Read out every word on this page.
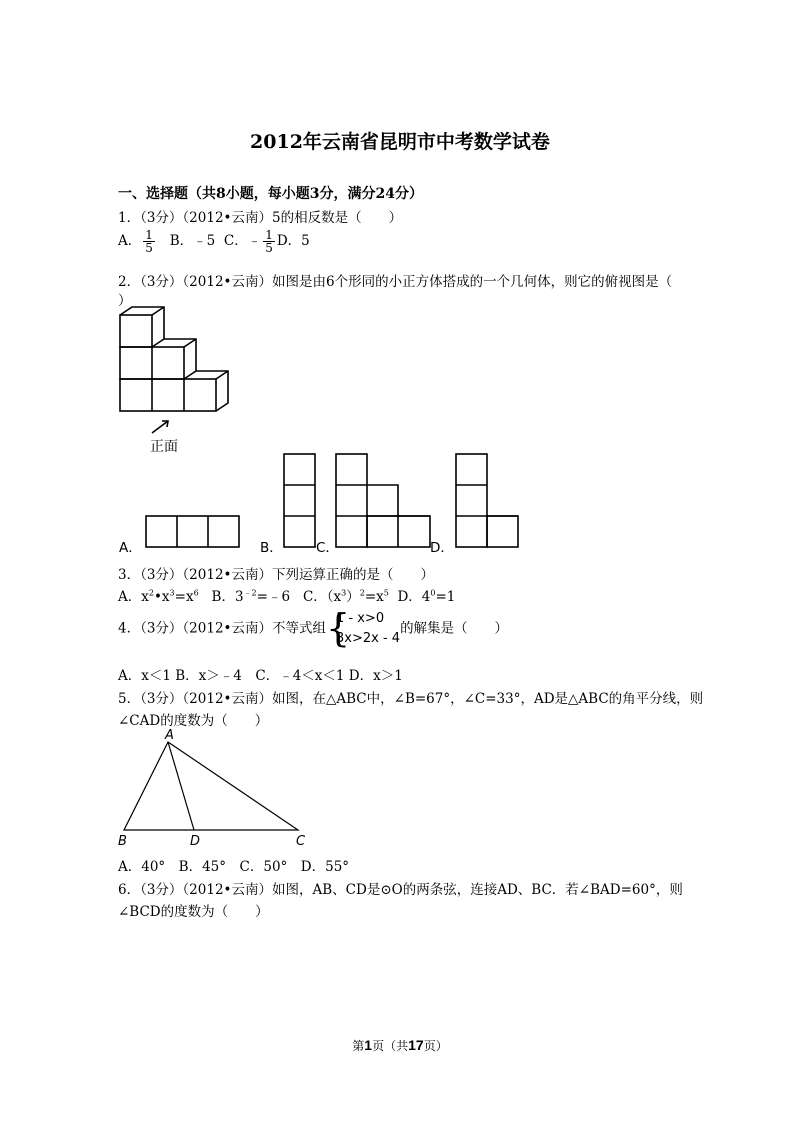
2012年云南省昆明市中考数学试卷
一、选择题（共8小题，每小题3分，满分24分）
1．（3分）（2012•云南）5的相反数是（　　）
A． $\frac{1}{5}$ B．﹣5 C．﹣ $\frac{1}{5}$ D．5
2．（3分）（2012•云南）如图是由6个形同的小正方体搭成的一个几何体，则它的俯视图是（
）
正面
A．	B． C．	D．
3．（3分）（2012•云南）下列运算正确的是（　　）
A．$x^2•x^3=x^6$ B．$3^{﹣2}=﹣6$ C．$(x^3)^2=x^5$ D．$4^0=1$
4．（3分）（2012•云南）不等式组 {
1 - x>0
3x>2x - 4
的解集是（　　）
A．x＜1 B．x＞﹣4　C．﹣4＜x＜1 D．x＞1
5．（3分）（2012•云南）如图，在△ABC中，∠B=67°，∠C=33°，AD是△ABC的角平分线，则
∠CAD的度数为（　　）
A
B	D	C
A．40°　B．45°　C．50°　D．55°
6．（3分）（2012•云南）如图，AB、CD是⊙O的两条弦，连接AD、BC．若∠BAD=60°，则
∠BCD的度数为（　　）
第1页（共17页）
